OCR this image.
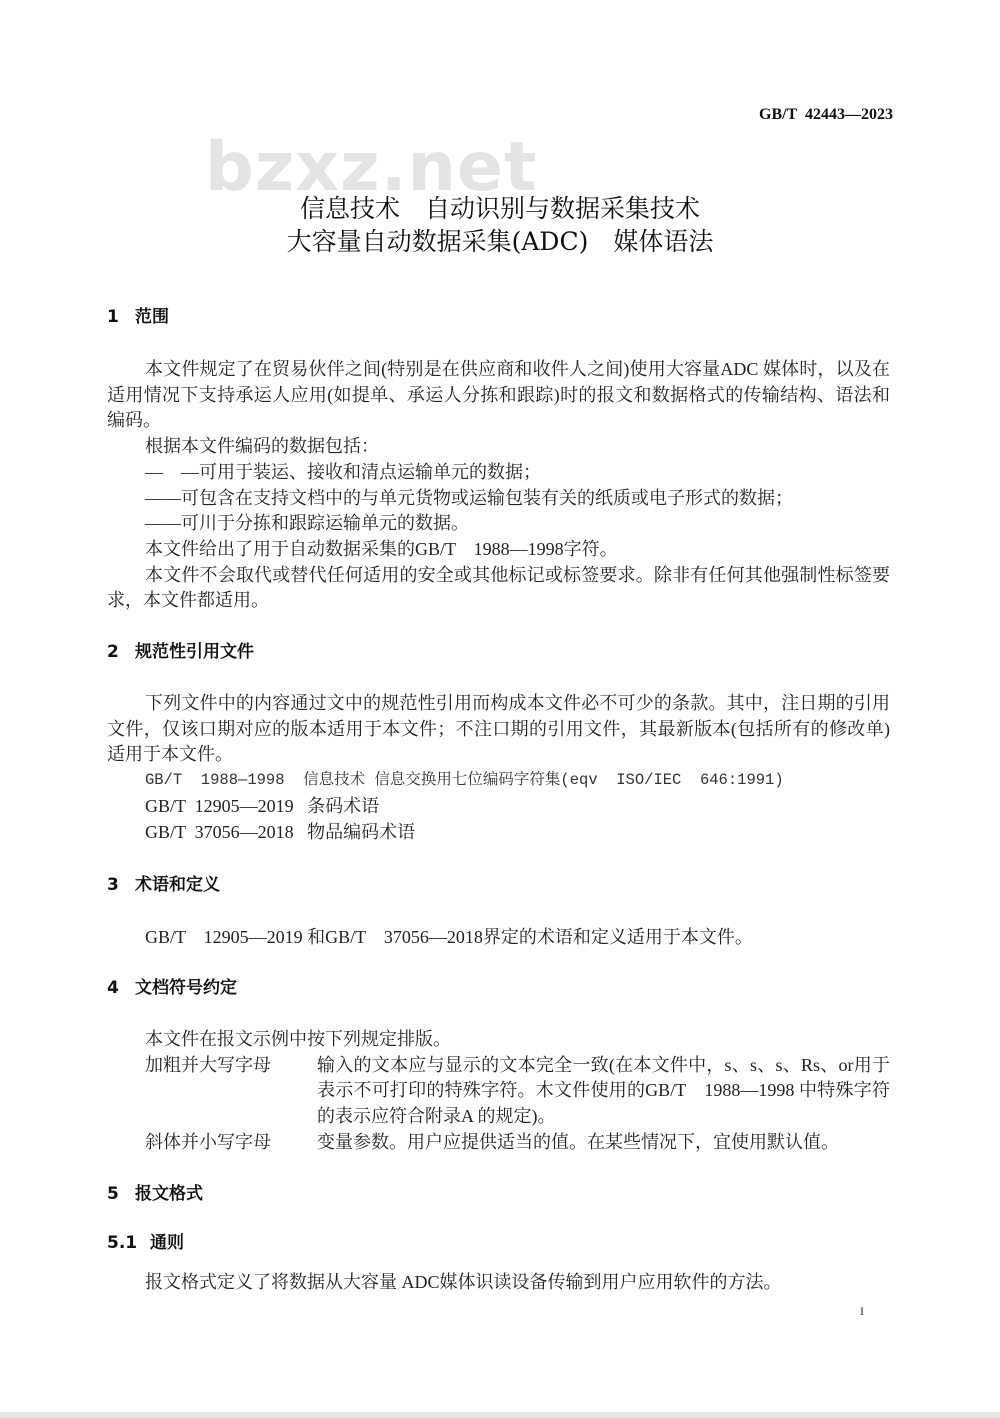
GB/T  42443—2023
bzxz.net
信息技术　自动识别与数据采集技术
大容量自动数据采集(ADC)　媒体语法
1 范围

本文件规定了在贸易伙伴之间(特别是在供应商和收件人之间)使用大容量ADC 媒体时，以及在适用情况下支持承运人应用(如提单、承运人分拣和跟踪)时的报文和数据格式的传输结构、语法和编码。

根据本文件编码的数据包括：

—　—可用于装运、接收和清点运输单元的数据；

——可包含在支持文档中的与单元货物或运输包装有关的纸质或电子形式的数据；

——可川于分拣和跟踪运输单元的数据。

本文件给出了用于自动数据采集的GB/T　1988—1998字符。

本文件不会取代或替代任何适用的安全或其他标记或标签要求。除非有任何其他强制性标签要求，本文件都适用。

2 规范性引用文件

下列文件中的内容通过文中的规范性引用而构成本文件必不可少的条款。其中，注日期的引用文件，仅该口期对应的版本适用于本文件；不注口期的引用文件，其最新版本(包括所有的修改单)适用于本文件。

GB/T  1988—1998  信息技术 信息交换用七位编码字符集(eqv  ISO/IEC  646:1991)

GB/T  12905—2019   条码术语

GB/T  37056—2018   物品编码术语

3 术语和定义

GB/T　12905—2019 和GB/T　37056—2018界定的术语和定义适用于本文件。

4 文档符号约定

本文件在报文示例中按下列规定排版。

加粗并大写字母	输入的文本应与显示的文本完全一致(在本文件中，s、s、s、Rs、or用于表示不可打印的特殊字符。木文件使用的GB/T　1988—1998 中特殊字符的表示应符合附录A 的规定)。
斜体并小写字母	变量参数。用户应提供适当的值。在某些情况下，宜使用默认值。
5 报文格式
5.1 通则

报文格式定义了将数据从大容量 ADC媒体识读设备传输到用户应用软件的方法。

I
